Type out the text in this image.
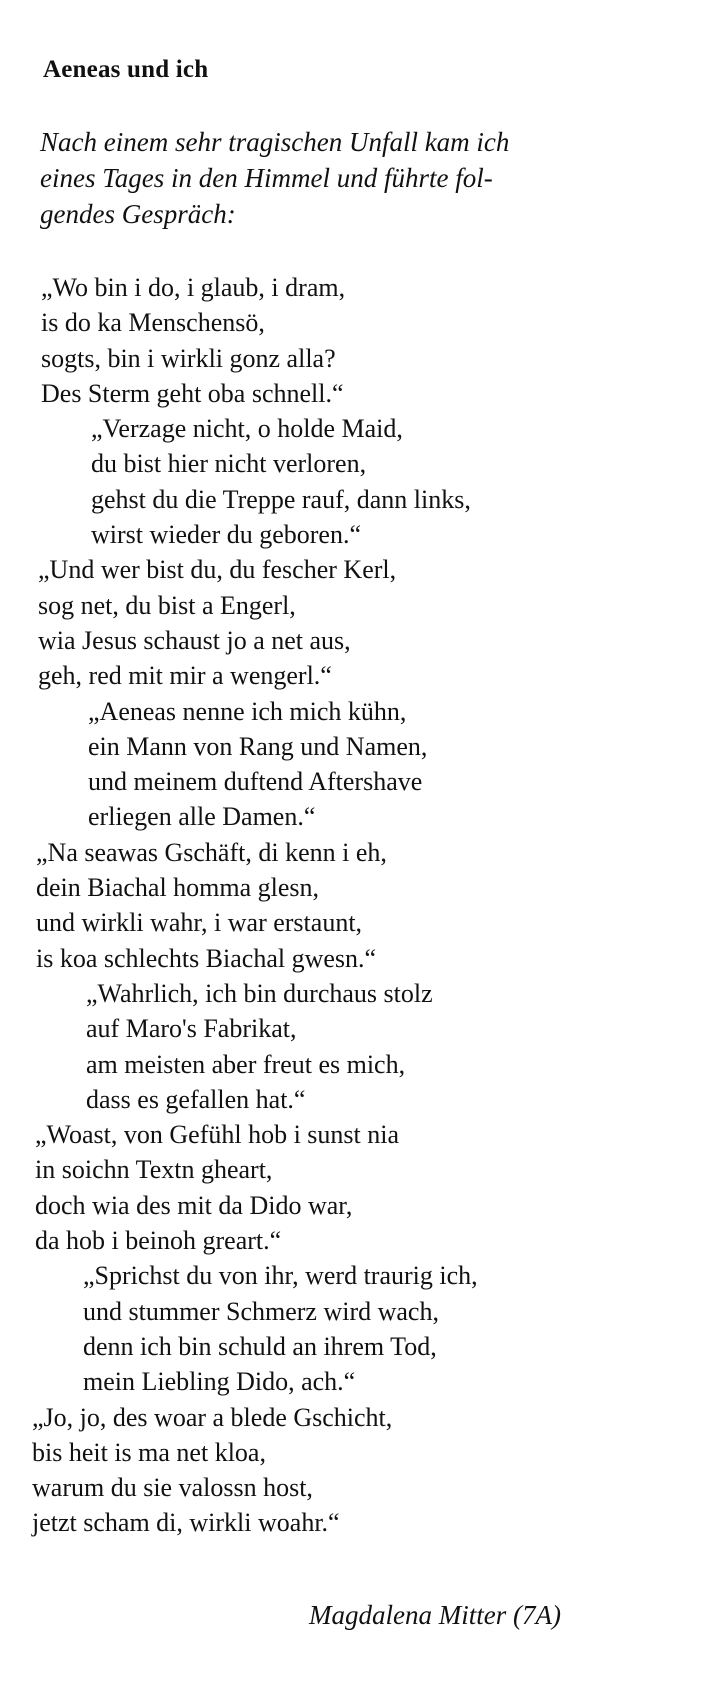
Aeneas und ich
Nach einem sehr tragischen Unfall kam ich
eines Tages in den Himmel und führte fol-
gendes Gespräch:
„Wo bin i do, i glaub, i dram,
is do ka Menschensö,
sogts, bin i wirkli gonz alla?
Des Sterm geht oba schnell.“
„Verzage nicht, o holde Maid,
du bist hier nicht verloren,
gehst du die Treppe rauf, dann links,
wirst wieder du geboren.“
„Und wer bist du, du fescher Kerl,
sog net, du bist a Engerl,
wia Jesus schaust jo a net aus,
geh, red mit mir a wengerl.“
„Aeneas nenne ich mich kühn,
ein Mann von Rang und Namen,
und meinem duftend Aftershave
erliegen alle Damen.“
„Na seawas Gschäft, di kenn i eh,
dein Biachal homma glesn,
und wirkli wahr, i war erstaunt,
is koa schlechts Biachal gwesn.“
„Wahrlich, ich bin durchaus stolz
auf Maro's Fabrikat,
am meisten aber freut es mich,
dass es gefallen hat.“
„Woast, von Gefühl hob i sunst nia
in soichn Textn gheart,
doch wia des mit da Dido war,
da hob i beinoh greart.“
„Sprichst du von ihr, werd traurig ich,
und stummer Schmerz wird wach,
denn ich bin schuld an ihrem Tod,
mein Liebling Dido, ach.“
„Jo, jo, des woar a blede Gschicht,
bis heit is ma net kloa,
warum du sie valossn host,
jetzt scham di, wirkli woahr.“
Magdalena Mitter (7A)
